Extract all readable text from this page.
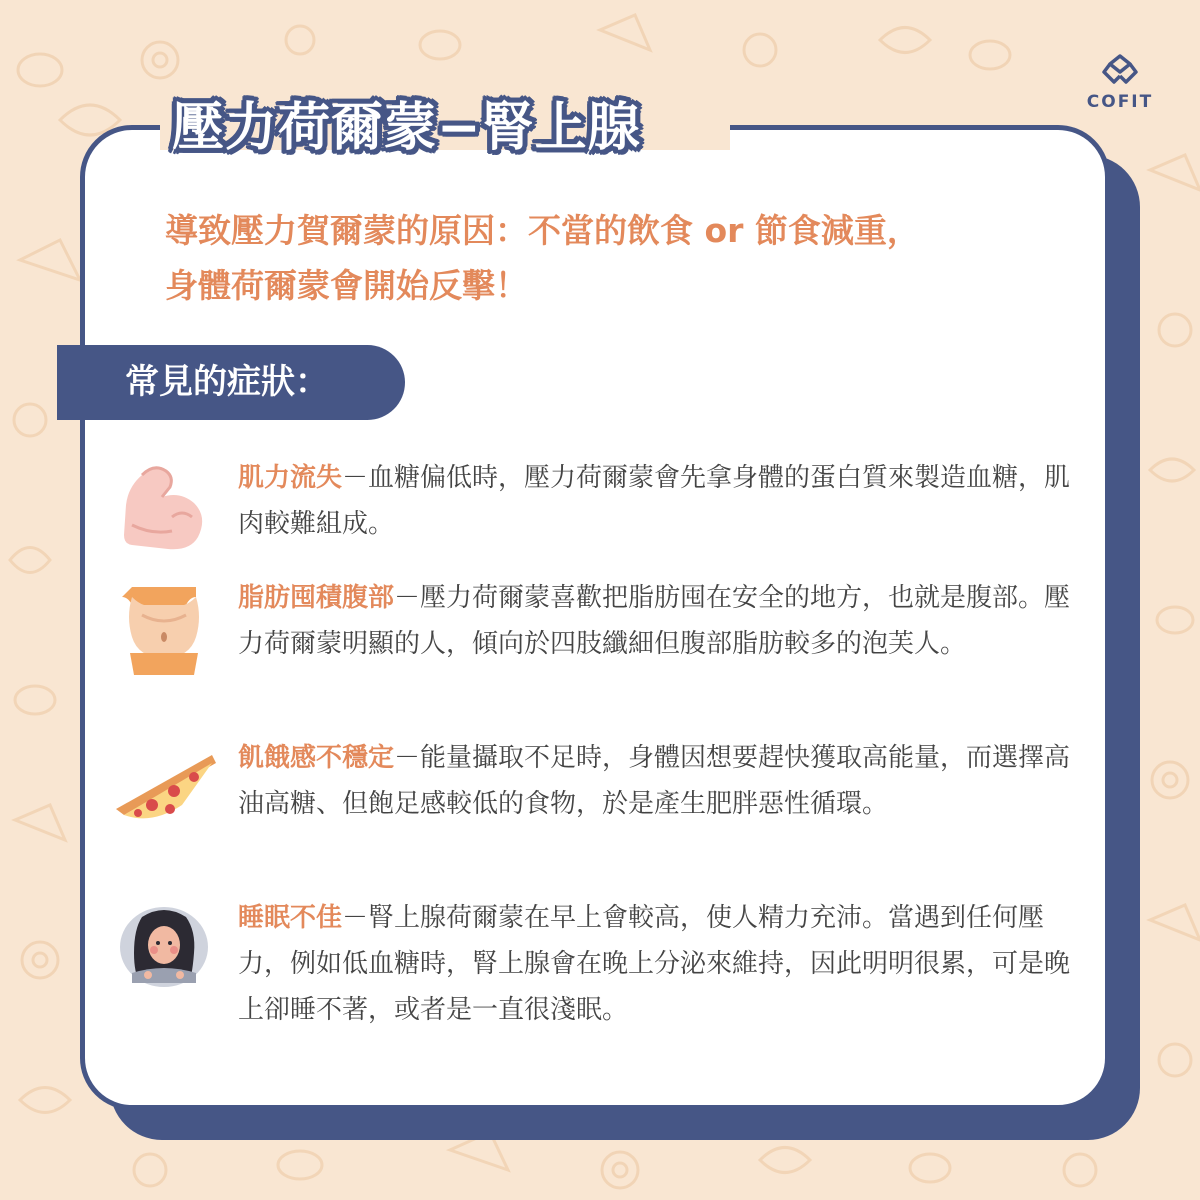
壓力荷爾蒙−腎上腺	COFIT
導致壓力賀爾蒙的原因：不當的飲食 or 節食減重，
身體荷爾蒙會開始反擊！
常見的症狀：
肌力流失－血糖偏低時，壓力荷爾蒙會先拿身體的蛋白質來製造血糖，肌肉較難組成。
脂肪囤積腹部－壓力荷爾蒙喜歡把脂肪囤在安全的地方，也就是腹部。壓力荷爾蒙明顯的人，傾向於四肢纖細但腹部脂肪較多的泡芙人。
飢餓感不穩定－能量攝取不足時，身體因想要趕快獲取高能量，而選擇高油高糖、但飽足感較低的食物，於是產生肥胖惡性循環。
睡眠不佳－腎上腺荷爾蒙在早上會較高，使人精力充沛。當遇到任何壓力，例如低血糖時，腎上腺會在晚上分泌來維持，因此明明很累，可是晚上卻睡不著，或者是一直很淺眠。
